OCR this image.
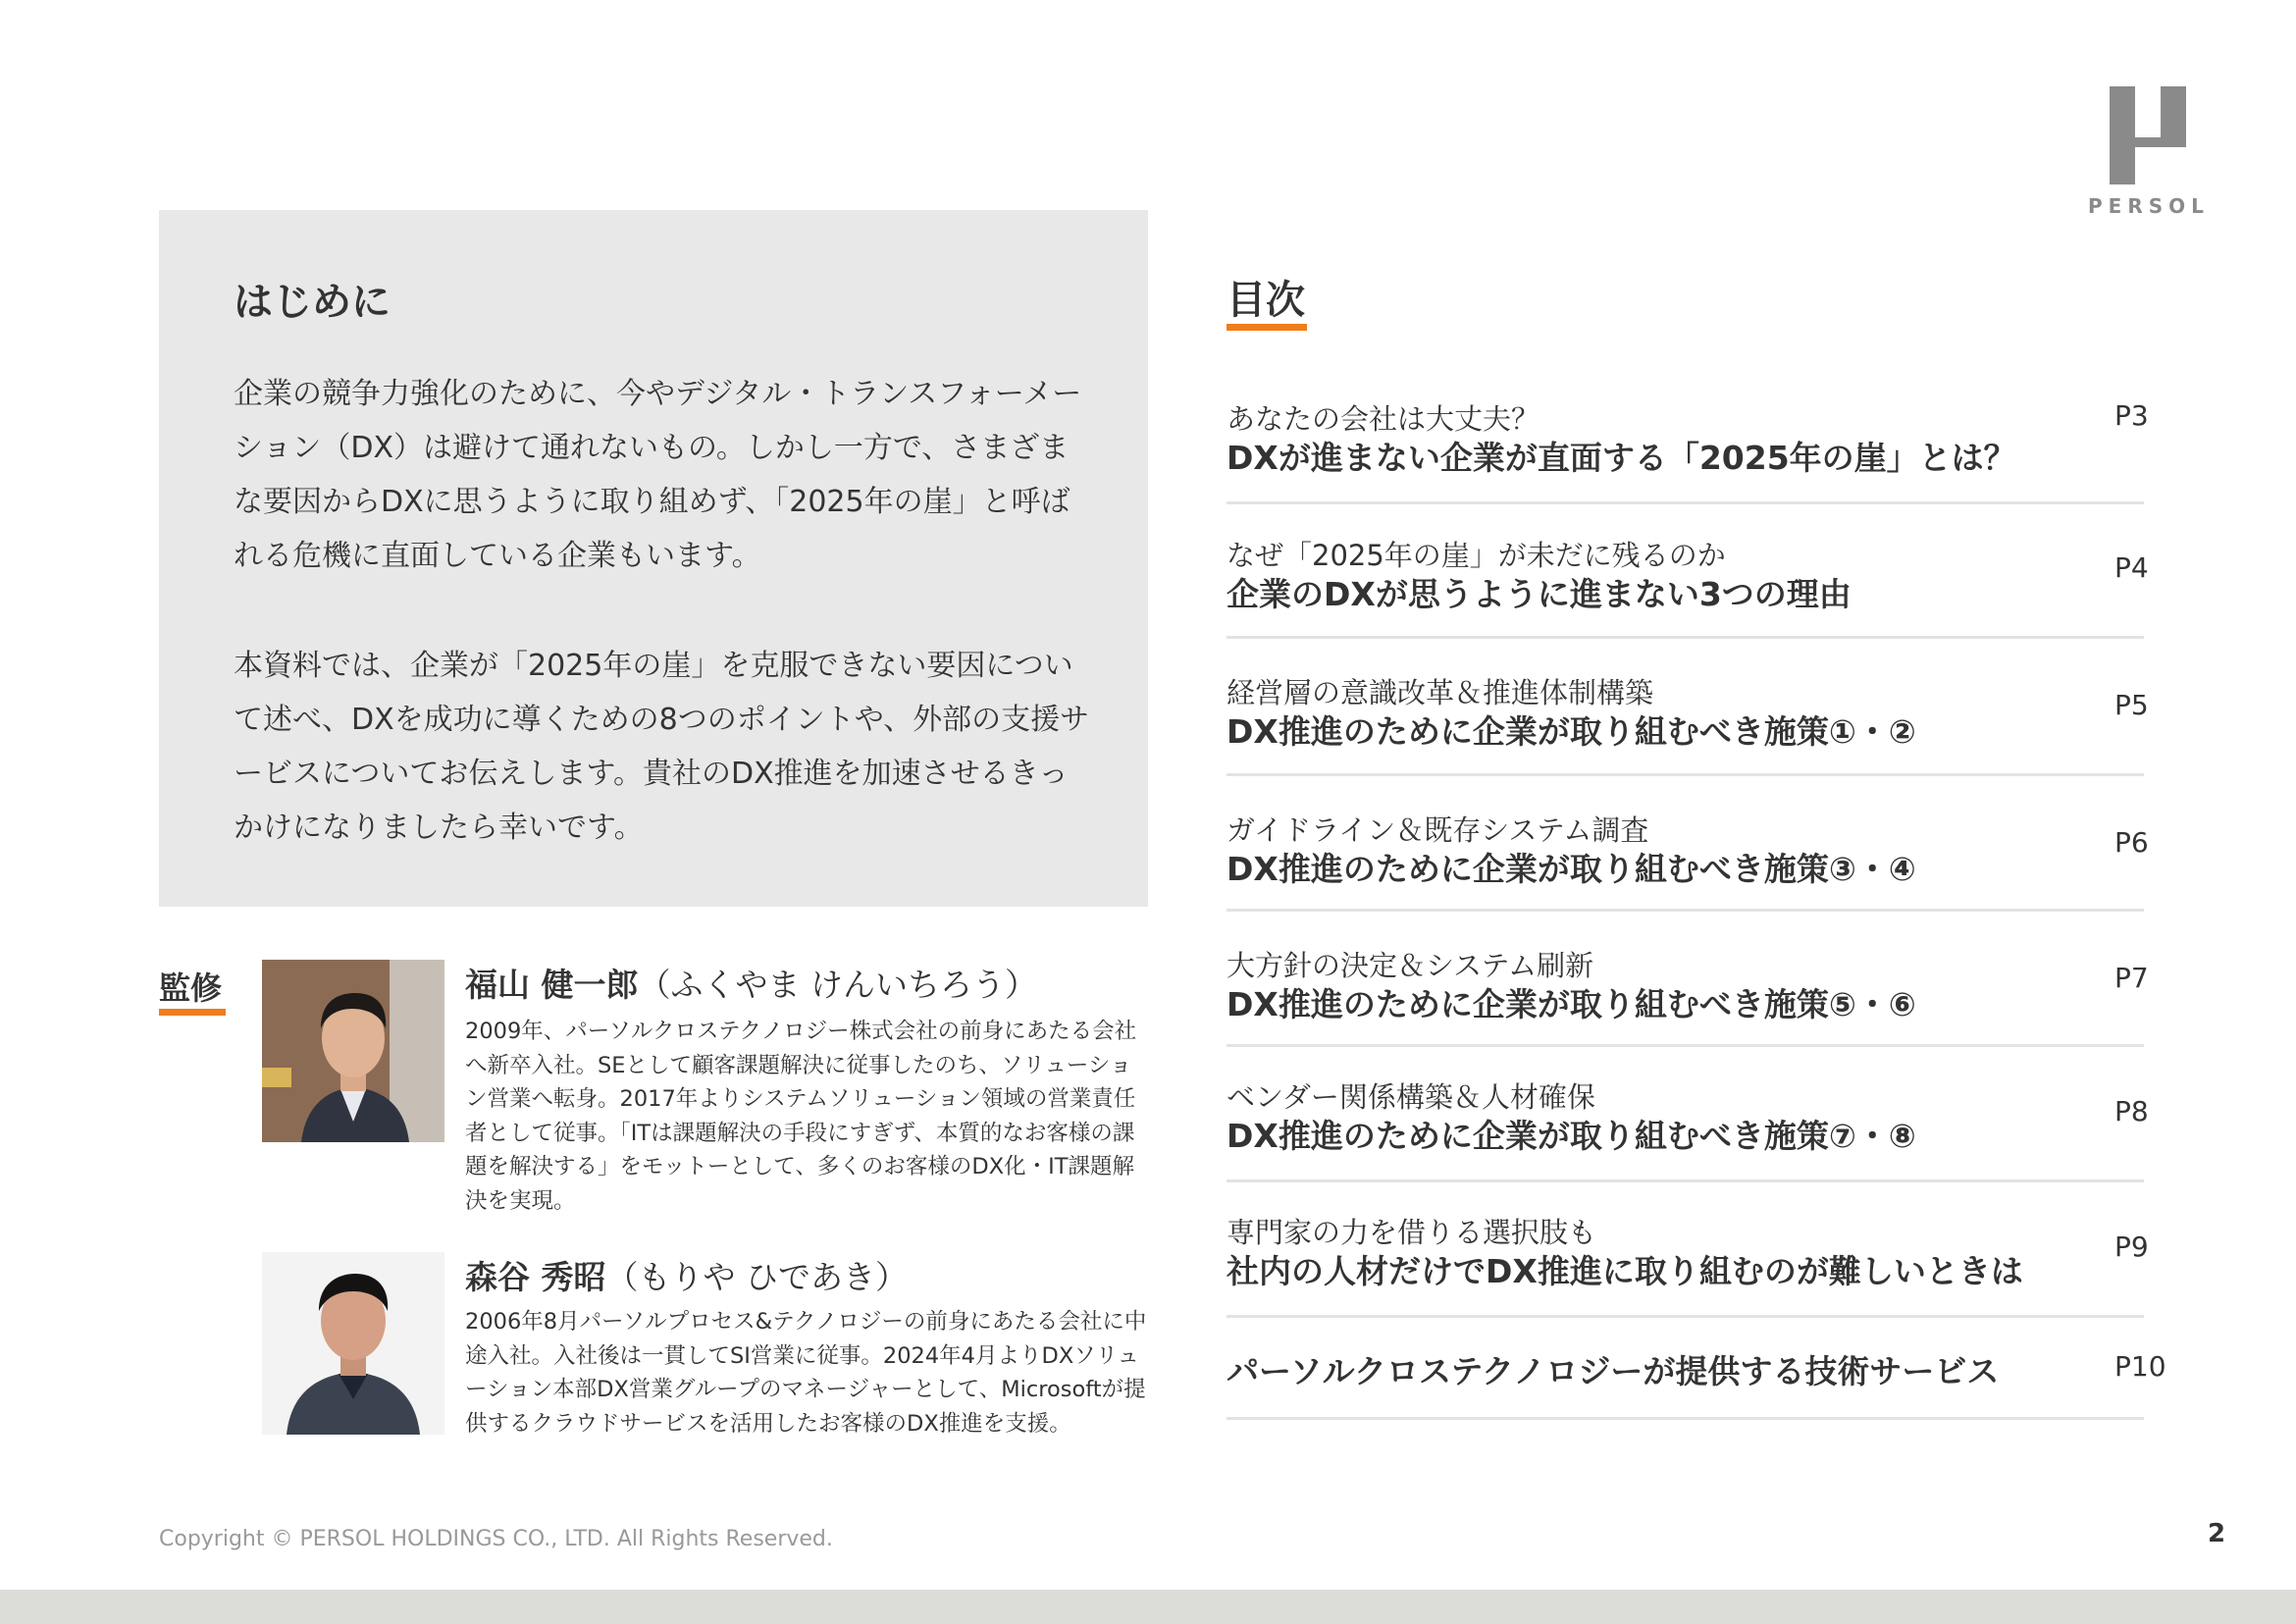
PERSOL
はじめに

企業の競争力強化のために、今やデジタル・トランスフォーメーション（DX）は避けて通れないもの。しかし一方で、さまざまな要因からDXに思うように取り組めず、「2025年の崖」と呼ばれる危機に直面している企業もいます。

本資料では、企業が「2025年の崖」を克服できない要因について述べ、DXを成功に導くための8つのポイントや、外部の支援サービスについてお伝えします。貴社のDX推進を加速させるきっかけになりましたら幸いです。

監修	福山 健一郎（ふくやま けんいちろう）

2009年、パーソルクロステクノロジー株式会社の前身にあたる会社へ新卒入社。SEとして顧客課題解決に従事したのち、ソリューション営業へ転身。2017年よりシステムソリューション領域の営業責任者として従事。「ITは課題解決の手段にすぎず、本質的なお客様の課題を解決する」をモットーとして、多くのお客様のDX化・IT課題解決を実現。

森谷 秀昭（もりや ひであき）

2006年8月パーソルプロセス&テクノロジーの前身にあたる会社に中途入社。入社後は一貫してSI営業に従事。2024年4月よりDXソリューション本部DX営業グループのマネージャーとして、Microsoftが提供するクラウドサービスを活用したお客様のDX推進を支援。

目次
あなたの会社は大丈夫？
DXが進まない企業が直面する「2025年の崖」とは？
P3
なぜ「2025年の崖」が未だに残るのか
企業のDXが思うように進まない3つの理由
P4
経営層の意識改革＆推進体制構築
DX推進のために企業が取り組むべき施策①・②
P5
ガイドライン＆既存システム調査
DX推進のために企業が取り組むべき施策③・④
P6
大方針の決定＆システム刷新
DX推進のために企業が取り組むべき施策⑤・⑥
P7
ベンダー関係構築＆人材確保
DX推進のために企業が取り組むべき施策⑦・⑧
P8
専門家の力を借りる選択肢も
社内の人材だけでDX推進に取り組むのが難しいときは
P9
パーソルクロステクノロジーが提供する技術サービス	P10
Copyright © PERSOL HOLDINGS CO., LTD. All Rights Reserved.	2
